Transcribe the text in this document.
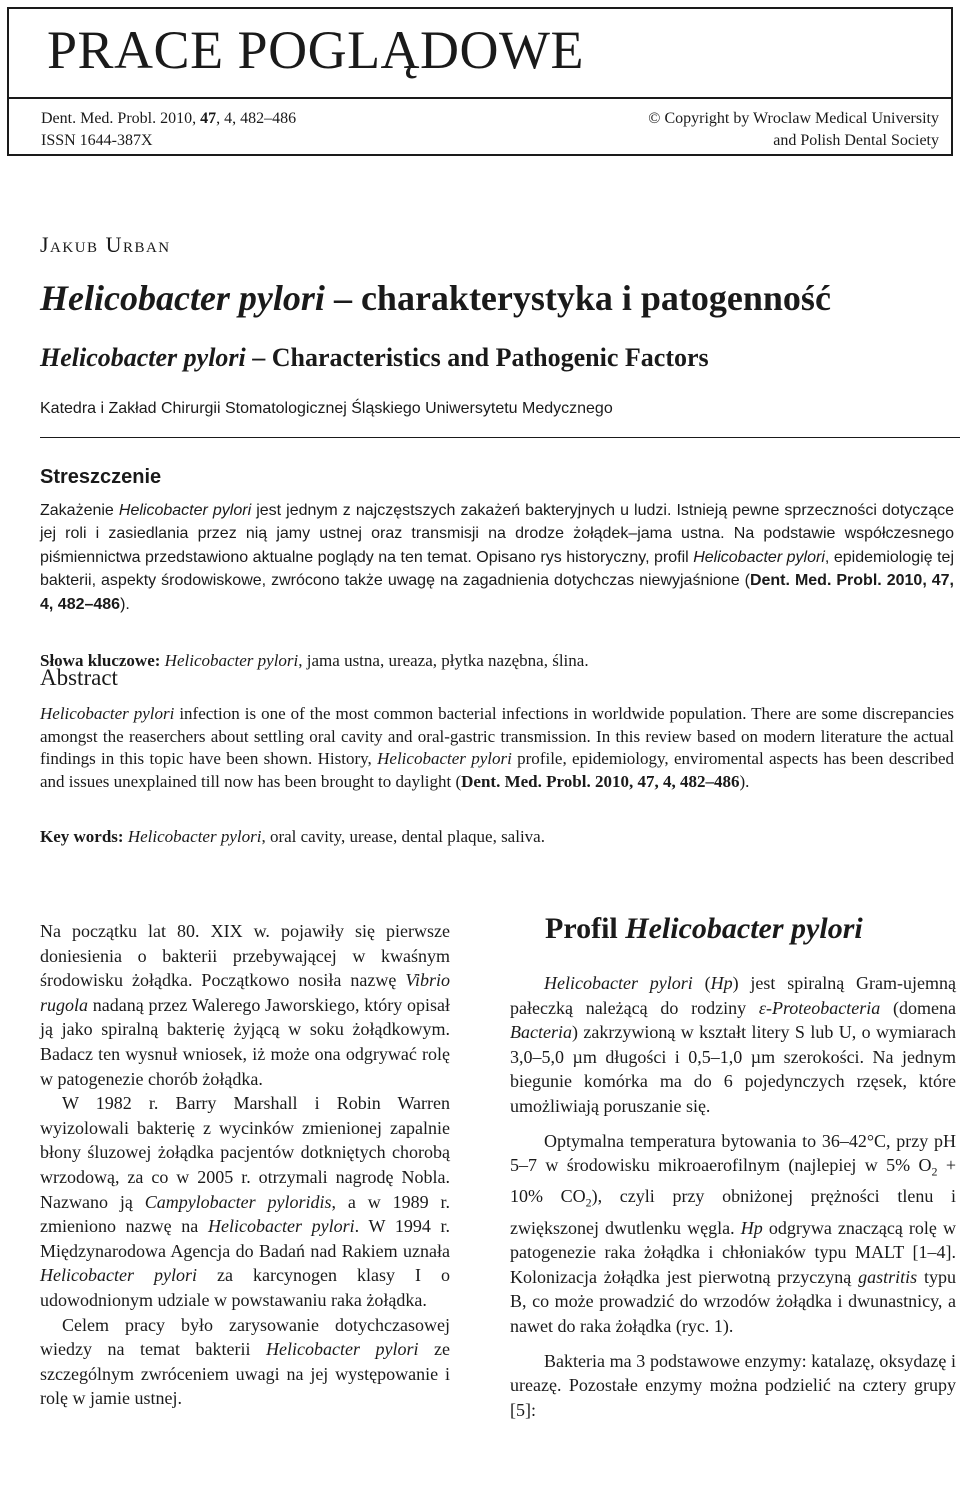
PRACE POGLĄDOWE
Dent. Med. Probl. 2010, 47, 4, 482–486
ISSN 1644-387X
© Copyright by Wroclaw Medical University
and Polish Dental Society
Jakub Urban
Helicobacter pylori – charakterystyka i patogenność
Helicobacter pylori – Characteristics and Pathogenic Factors
Katedra i Zakład Chirurgii Stomatologicznej Śląskiego Uniwersytetu Medycznego
Streszczenie
Zakażenie Helicobacter pylori jest jednym z najczęstszych zakażeń bakteryjnych u ludzi. Istnieją pewne sprzeczności dotyczące jej roli i zasiedlania przez nią jamy ustnej oraz transmisji na drodze żołądek–jama ustna. Na podstawie współczesnego piśmiennictwa przedstawiono aktualne poglądy na ten temat. Opisano rys historyczny, profil Helicobacter pylori, epidemiologię tej bakterii, aspekty środowiskowe, zwrócono także uwagę na zagadnienia dotychczas niewyjaśnione (Dent. Med. Probl. 2010, 47, 4, 482–486).
Słowa kluczowe: Helicobacter pylori, jama ustna, ureaza, płytka nazębna, ślina.
Abstract
Helicobacter pylori infection is one of the most common bacterial infections in worldwide population. There are some discrepancies amongst the reaserchers about settling oral cavity and oral-gastric transmission. In this review based on modern literature the actual findings in this topic have been shown. History, Helicobacter pylori profile, epidemiology, enviromental aspects has been described and issues unexplained till now has been brought to daylight (Dent. Med. Probl. 2010, 47, 4, 482–486).
Key words: Helicobacter pylori, oral cavity, urease, dental plaque, saliva.

Na początku lat 80. XIX w. pojawiły się pierwsze doniesienia o bakterii przebywającej w kwaśnym środowisku żołądka. Początkowo nosiła nazwę Vibrio rugola nadaną przez Walerego Jaworskiego, który opisał ją jako spiralną bakterię żyjącą w soku żołądkowym. Badacz ten wysnuł wniosek, iż może ona odgrywać rolę w patogenezie chorób żołądka.

W 1982 r. Barry Marshall i Robin Warren wyizolowali bakterię z wycinków zmienionej zapalnie błony śluzowej żołądka pacjentów dotkniętych chorobą wrzodową, za co w 2005 r. otrzymali nagrodę Nobla. Nazwano ją Campylobacter pyloridis, a w 1989 r. zmieniono nazwę na Helicobacter pylori. W 1994 r. Międzynarodowa Agencja do Badań nad Rakiem uznała Helicobacter pylori za karcynogen klasy I o udowodnionym udziale w powstawaniu raka żołądka.

Celem pracy było zarysowanie dotychczasowej wiedzy na temat bakterii Helicobacter pylori ze szczególnym zwróceniem uwagi na jej występowanie i rolę w jamie ustnej.

Profil Helicobacter pylori

Helicobacter pylori (Hp) jest spiralną Gram-ujemną pałeczką należącą do rodziny ε-Proteobacteria (domena Bacteria) zakrzywioną w kształt litery S lub U, o wymiarach 3,0–5,0 µm długości i 0,5–1,0 µm szerokości. Na jednym biegunie komórka ma do 6 pojedynczych rzęsek, które umożliwiają poruszanie się.

Optymalna temperatura bytowania to 36–42°C, przy pH 5–7 w środowisku mikroaerofilnym (najlepiej w 5% $O_2 + 10\%$ $CO_2$), czyli przy obniżonej prężności tlenu i zwiększonej dwutlenku węgla. Hp odgrywa znaczącą rolę w patogenezie raka żołądka i chłoniaków typu MALT [1–4]. Kolonizacja żołądka jest pierwotną przyczyną gastritis typu B, co może prowadzić do wrzodów żołądka i dwunastnicy, a nawet do raka żołądka (ryc. 1).

Bakteria ma 3 podstawowe enzymy: katalazę, oksydazę i ureazę. Pozostałe enzymy można podzielić na cztery grupy [5]:
